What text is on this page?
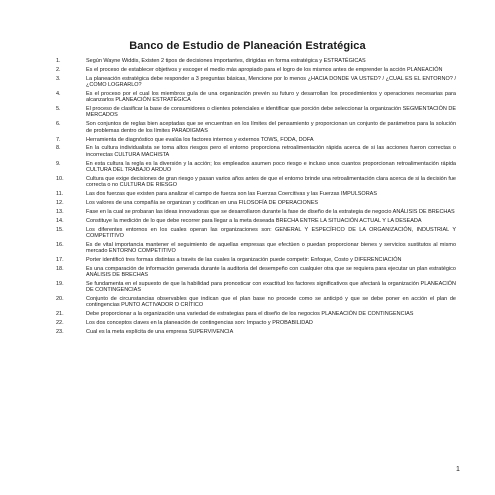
Banco de Estudio de Planeación Estratégica
1.	Según Wayne Widdis, Existen 2 tipos de decisiones importantes, dirigidas en forma estratégica y ESTRATÉGICAS
2.	Es el proceso de establecer objetivos y escoger el medio más apropiado para el logro de los mismos antes de emprender la acción PLANEACIÓN
3.	La planeación estratégica debe responder a 3 preguntas básicas, Mencione por lo menos ¿HACIA DONDE VA USTED? / ¿CUAL ES EL ENTORNO? / ¿COMO LOGRARLO?
4.	Es el proceso por el cual los miembros guía de una organización prevén su futuro y desarrollan los procedimientos y operaciones necesarias para alcanzarlos PLANEACIÓN ESTRATÉGICA
5.	El proceso de clasificar la base de consumidores o clientes potenciales e identificar que porción debe seleccionar la organización SEGMENTACIÓN DE MERCADOS
6.	Son conjuntos de reglas bien aceptadas que se encuentran en los límites del pensamiento y proporcionan un conjunto de parámetros para la solución de problemas dentro de los límites PARADIGMAS
7.	Herramienta de diagnóstico que evalúa los factores internos y externos TOWS, FODA, DOFA
8.	En la cultura individualista se toma altos riesgos pero el entorno proporciona retroalimentación rápida acerca de si las acciones fueron correctas o incorrectas CULTURA MACHISTA
9.	En esta cultura la regla es la diversión y la acción; los empleados asumen poco riesgo e incluso unos cuantos proporcionan retroalimentación rápida CULTURA DEL TRABAJO ARDUO
10.	Cultura que exige decisiones de gran riesgo y pasan varios años antes de que el entorno brinde una retroalimentación clara acerca de si la decisión fue correcta o no CULTURA DE RIESGO
11.	Las dos fuerzas que existen para analizar el campo de fuerza son las Fuerzas Coercitivas y las Fuerzas IMPULSORAS
12.	Los valores de una compañía se organizan y codifican en una FILOSOFÍA DE OPERACIONES
13.	Fase en la cual se probaran las ideas innovadoras que se desarrollaron durante la fase de diseño de la estrategia de negocio ANÁLISIS DE BRECHAS
14.	Constituye la medición de lo que debe recorrer para llegar a la meta deseada BRECHA ENTRE LA SITUACIÓN ACTUAL Y LA DESEADA
15.	Los diferentes entornos en los cuales operan las organizaciones son: GENERAL Y ESPECÍFICO DE LA ORGANIZACIÓN, INDUSTRIAL Y COMPETITIVO
16.	Es de vital importancia mantener el seguimiento de aquellas empresas que efectúen o puedan proporcionar bienes y servicios sustitutos al mismo mercado ENTORNO COMPETITIVO
17.	Porter identificó tres formas distintas a través de las cuales la organización puede competir: Enfoque, Costo y DIFERENCIACIÓN
18.	Es una comparación de información generada durante la auditoria del desempeño con cualquier otra que se requiera para ejecutar un plan estratégico ANÁLISIS DE BRECHAS
19.	Se fundamenta en el supuesto de que la habilidad para pronosticar con exactitud los factores significativos que afectará la organización PLANEACIÓN DE CONTINGENCIAS
20.	Conjunto de circunstancias observables que indican que el plan base no procede como se anticipó y que se debe poner en acción el plan de contingencias PUNTO ACTIVADOR O CRÍTICO
21.	Debe proporcionar a la organización una variedad de estrategias para el diseño de los negocios PLANEACIÓN DE CONTINGENCIAS
22.	Los dos conceptos claves en la planeación de contingencias son: Impacto y PROBABILIDAD
23.	Cual es la meta explícita de una empresa SUPERVIVENCIA
1
